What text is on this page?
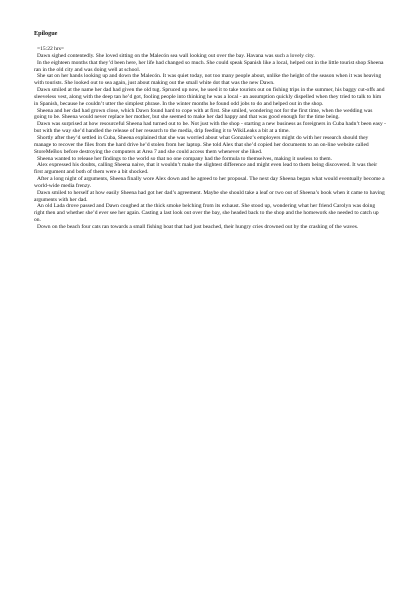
Epilogue

=15:22 hrs=

Dawn sighed contentedly. She loved sitting on the Malecón sea wall looking out over the bay. Havana was such a lovely city.

In the eighteen months that they’d been here, her life had changed so much. She could speak Spanish like a local, helped out in the little tourist shop Sheena ran in the old city and was doing well at school.

She sat on her hands looking up and down the Malecón. It was quiet today, not too many people about, unlike the height of the season when it was heaving with tourists. She looked out to sea again, just about making out the small white dot that was the new Dawn.

Dawn smiled at the name her dad had given the old tug. Spruced up now, he used it to take tourists out on fishing trips in the summer, his baggy cut-offs and sleeveless vest, along with the deep tan he’d got, fooling people into thinking he was a local - an assumption quickly dispelled when they tried to talk to him in Spanish, because he couldn’t utter the simplest phrase. In the winter months he found odd jobs to do and helped out in the shop.

Sheena and her dad had grown close, which Dawn found hard to cope with at first. She smiled, wondering not for the first time, when the wedding was going to be. Sheena would never replace her mother, but she seemed to make her dad happy and that was good enough for the time being.

Dawn was surprised at how resourceful Sheena had turned out to be. Not just with the shop - starting a new business as foreigners in Cuba hadn’t been easy - but with the way she’d handled the release of her research to the media, drip feeding it to WikiLeaks a bit at a time.

Shortly after they’d settled in Cuba, Sheena explained that she was worried about what Gonzalez’s employers might do with her research should they manage to recover the files from the hard drive he’d stolen from her laptop. She told Alex that she’d copied her documents to an on-line website called StoreMeBox before destroying the computers at Area 7 and she could access them whenever she liked.

Sheena wanted to release her findings to the world so that no one company had the formula to themselves, making it useless to them.

Alex expressed his doubts, calling Sheena naive, that it wouldn’t make the slightest difference and might even lead to them being discovered. It was their first argument and both of them were a bit shocked.

After a long night of arguments, Sheena finally wore Alex down and he agreed to her proposal. The next day Sheena began what would eventually become a world-wide media frenzy.

Dawn smiled to herself at how easily Sheena had got her dad’s agreement. Maybe she should take a leaf or two out of Sheena’s book when it came to having arguments with her dad.

An old Lada drove passed and Dawn coughed at the thick smoke belching from its exhaust. She stood up, wondering what her friend Carolyn was doing right then and whether she’d ever see her again. Casting a last look out over the bay, she headed back to the shop and the homework she needed to catch up on.

Down on the beach four cats ran towards a small fishing boat that had just beached, their hungry cries drowned out by the crashing of the waves.
